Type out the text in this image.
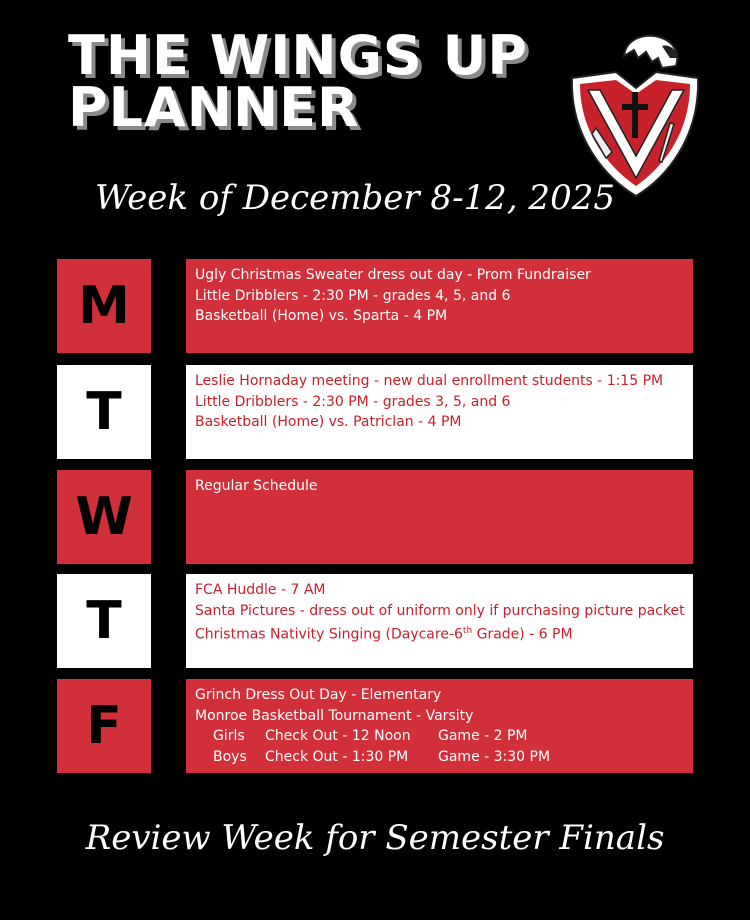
THE WINGS UP
PLANNER
Week of December 8-12, 2025
M
Ugly Christmas Sweater dress out day - Prom Fundraiser
Little Dribblers - 2:30 PM - grades 4, 5, and 6
Basketball (Home) vs. Sparta - 4 PM
T
Leslie Hornaday meeting - new dual enrollment students - 1:15 PM
Little Dribblers - 2:30 PM - grades 3, 5, and 6
Basketball (Home) vs. Patriclan - 4 PM
W
Regular Schedule
T
FCA Huddle - 7 AM
Santa Pictures - dress out of uniform only if purchasing picture packet
Christmas Nativity Singing (Daycare-6th Grade) - 6 PM
F
Grinch Dress Out Day - Elementary
Monroe Basketball Tournament - Varsity
Girls	Check Out - 12 Noon	Game - 2 PM
Boys	Check Out - 1:30 PM	Game - 3:30 PM
Review Week for Semester Finals
